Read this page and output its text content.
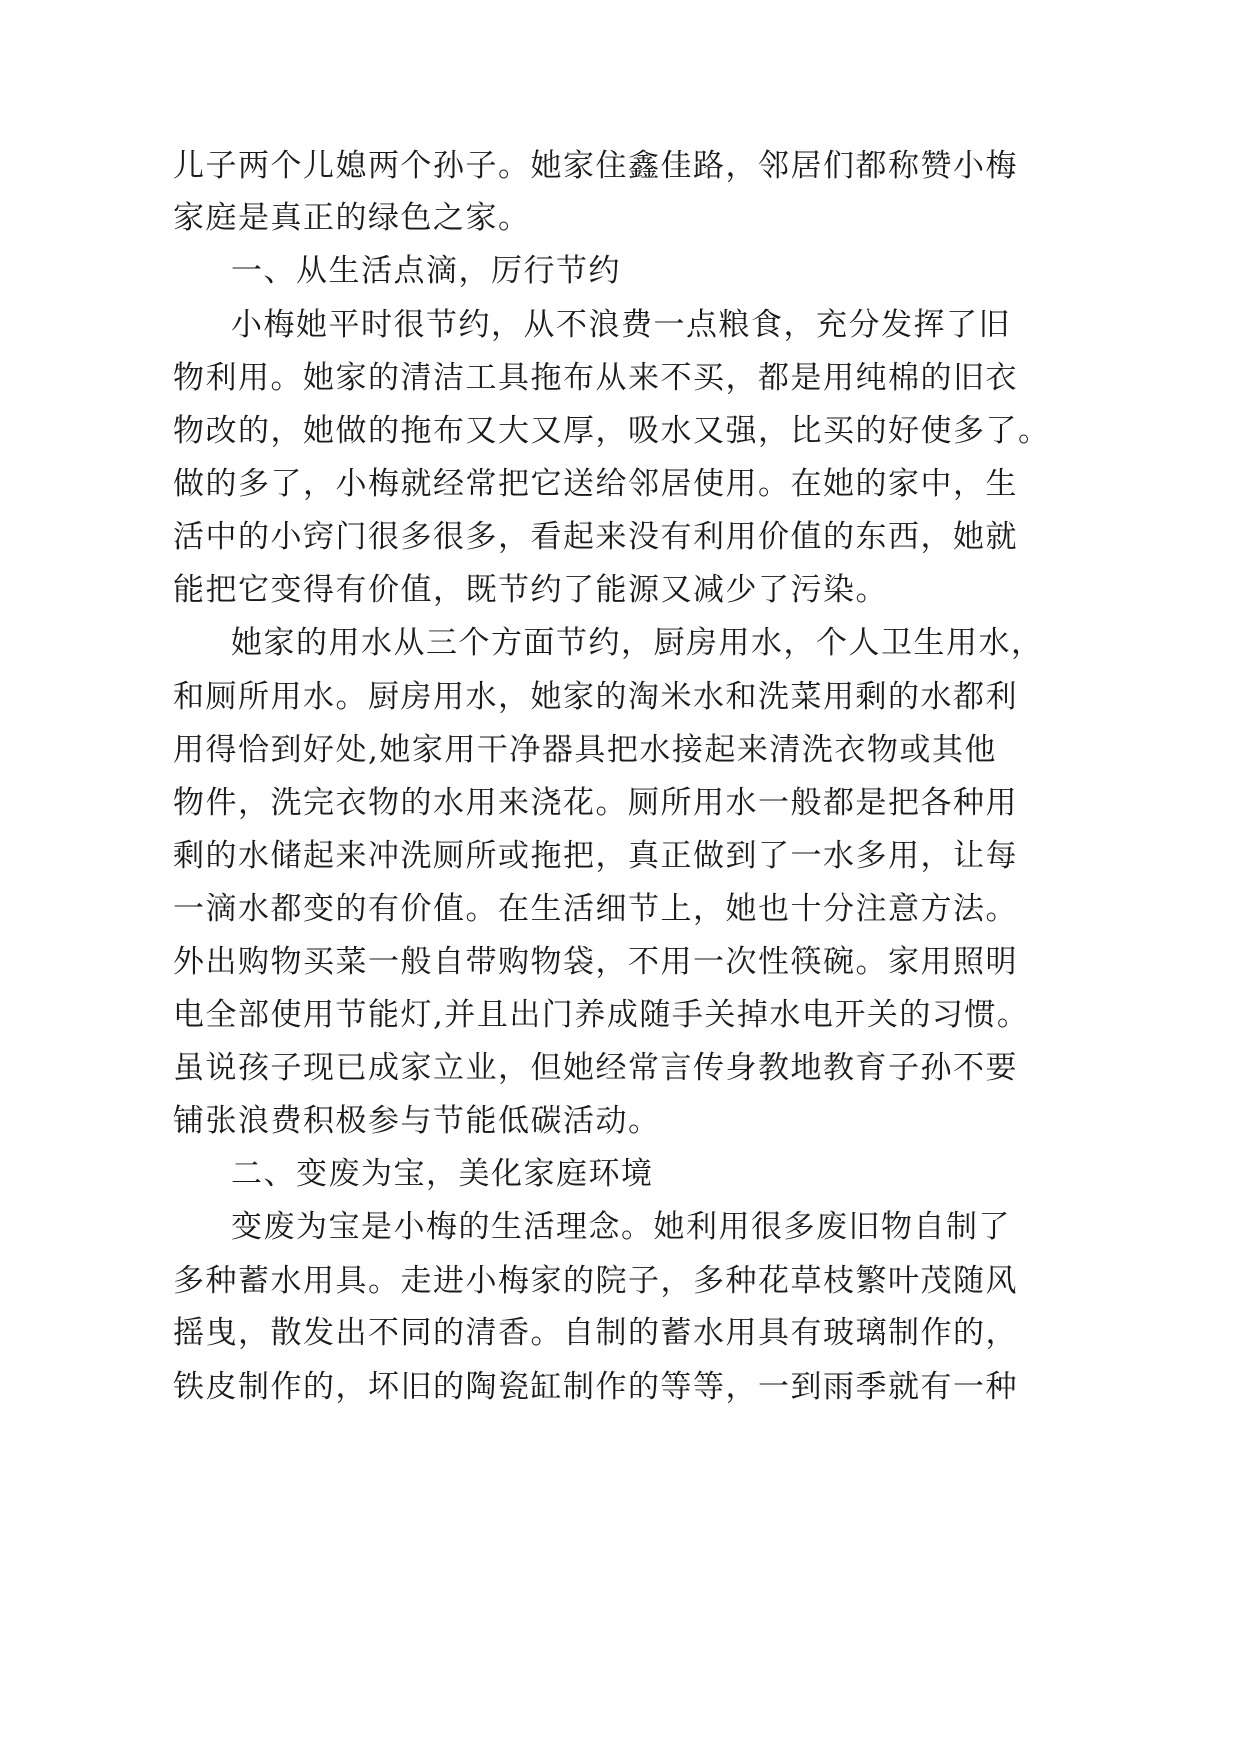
儿子两个儿媳两个孙子。她家住鑫佳路，邻居们都称赞小梅
家庭是真正的绿色之家。
一、从生活点滴，厉行节约
小梅她平时很节约，从不浪费一点粮食，充分发挥了旧
物利用。她家的清洁工具拖布从来不买，都是用纯棉的旧衣
物改的，她做的拖布又大又厚，吸水又强，比买的好使多了。
做的多了，小梅就经常把它送给邻居使用。在她的家中，生
活中的小窍门很多很多，看起来没有利用价值的东西，她就
能把它变得有价值，既节约了能源又减少了污染。
她家的用水从三个方面节约，厨房用水，个人卫生用水，
和厕所用水。厨房用水，她家的淘米水和洗菜用剩的水都利
用得恰到好处,她家用干净器具把水接起来清洗衣物或其他
物件，洗完衣物的水用来浇花。厕所用水一般都是把各种用
剩的水储起来冲洗厕所或拖把，真正做到了一水多用，让每
一滴水都变的有价值。在生活细节上，她也十分注意方法。
外出购物买菜一般自带购物袋，不用一次性筷碗。家用照明
电全部使用节能灯,并且出门养成随手关掉水电开关的习惯。
虽说孩子现已成家立业，但她经常言传身教地教育子孙不要
铺张浪费积极参与节能低碳活动。
二、变废为宝，美化家庭环境
变废为宝是小梅的生活理念。她利用很多废旧物自制了
多种蓄水用具。走进小梅家的院子，多种花草枝繁叶茂随风
摇曳，散发出不同的清香。自制的蓄水用具有玻璃制作的，
铁皮制作的，坏旧的陶瓷缸制作的等等，一到雨季就有一种
